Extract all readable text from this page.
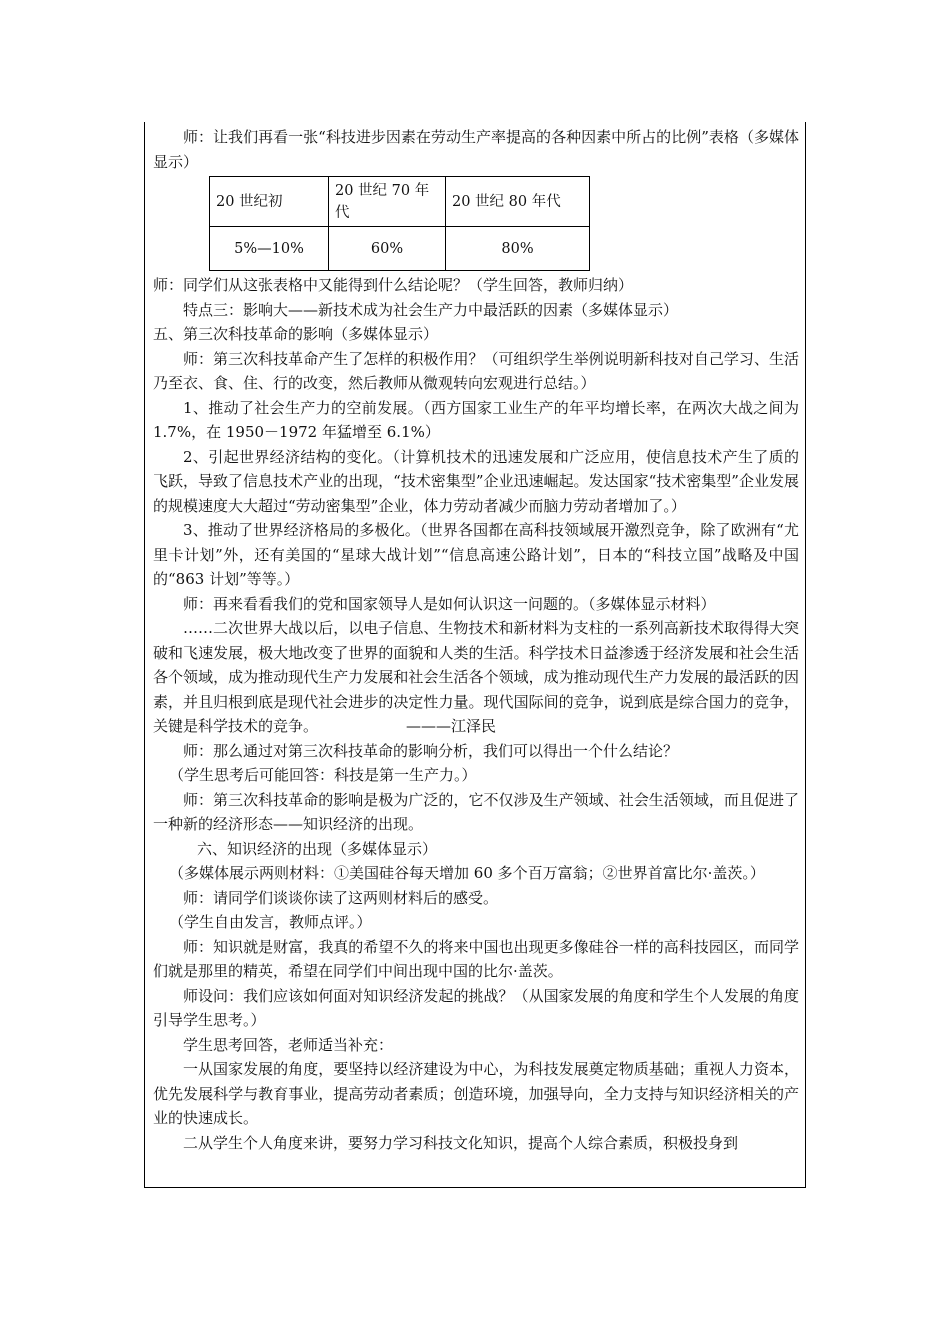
师：让我们再看一张“科技进步因素在劳动生产率提高的各种因素中所占的比例”表格（多媒体显示）

20 世纪初	20 世纪 70 年代	20 世纪 80 年代
5%—10%	60%	80%

师：同学们从这张表格中又能得到什么结论呢？（学生回答，教师归纳）

特点三：影响大——新技术成为社会生产力中最活跃的因素（多媒体显示）

五、第三次科技革命的影响（多媒体显示）

师：第三次科技革命产生了怎样的积极作用？（可组织学生举例说明新科技对自己学习、生活乃至衣、食、住、行的改变，然后教师从微观转向宏观进行总结。）

1、推动了社会生产力的空前发展。（西方国家工业生产的年平均增长率，在两次大战之间为 1.7%，在 1950－1972 年猛增至 6.1%）

2、引起世界经济结构的变化。（计算机技术的迅速发展和广泛应用，使信息技术产生了质的飞跃，导致了信息技术产业的出现，“技术密集型”企业迅速崛起。发达国家“技术密集型”企业发展的规模速度大大超过“劳动密集型”企业，体力劳动者减少而脑力劳动者增加了。）

3、推动了世界经济格局的多极化。（世界各国都在高科技领域展开激烈竞争，除了欧洲有“尤里卡计划”外，还有美国的“星球大战计划”“信息高速公路计划”，日本的“科技立国”战略及中国的“863 计划”等等。）

师：再来看看我们的党和国家领导人是如何认识这一问题的。（多媒体显示材料）

……二次世界大战以后，以电子信息、生物技术和新材料为支柱的一系列高新技术取得得大突破和飞速发展，极大地改变了世界的面貌和人类的生活。科学技术日益渗透于经济发展和社会生活各个领域，成为推动现代生产力发展和社会生活各个领域，成为推动现代生产力发展的最活跃的因素，并且归根到底是现代社会进步的决定性力量。现代国际间的竞争，说到底是综合国力的竞争，关键是科学技术的竞争。	———江泽民

师：那么通过对第三次科技革命的影响分析，我们可以得出一个什么结论？

（学生思考后可能回答：科技是第一生产力。）

师：第三次科技革命的影响是极为广泛的，它不仅涉及生产领域、社会生活领域，而且促进了一种新的经济形态——知识经济的出现。

六、知识经济的出现（多媒体显示）

（多媒体展示两则材料：①美国硅谷每天增加 60 多个百万富翁；②世界首富比尔·盖茨。）

师：请同学们谈谈你读了这两则材料后的感受。

（学生自由发言，教师点评。）

师：知识就是财富，我真的希望不久的将来中国也出现更多像硅谷一样的高科技园区，而同学们就是那里的精英，希望在同学们中间出现中国的比尔·盖茨。

师设问：我们应该如何面对知识经济发起的挑战？（从国家发展的角度和学生个人发展的角度引导学生思考。）

学生思考回答，老师适当补充：

一从国家发展的角度，要坚持以经济建设为中心，为科技发展奠定物质基础；重视人力资本，优先发展科学与教育事业，提高劳动者素质；创造环境，加强导向，全力支持与知识经济相关的产业的快速成长。

二从学生个人角度来讲，要努力学习科技文化知识，提高个人综合素质，积极投身到
